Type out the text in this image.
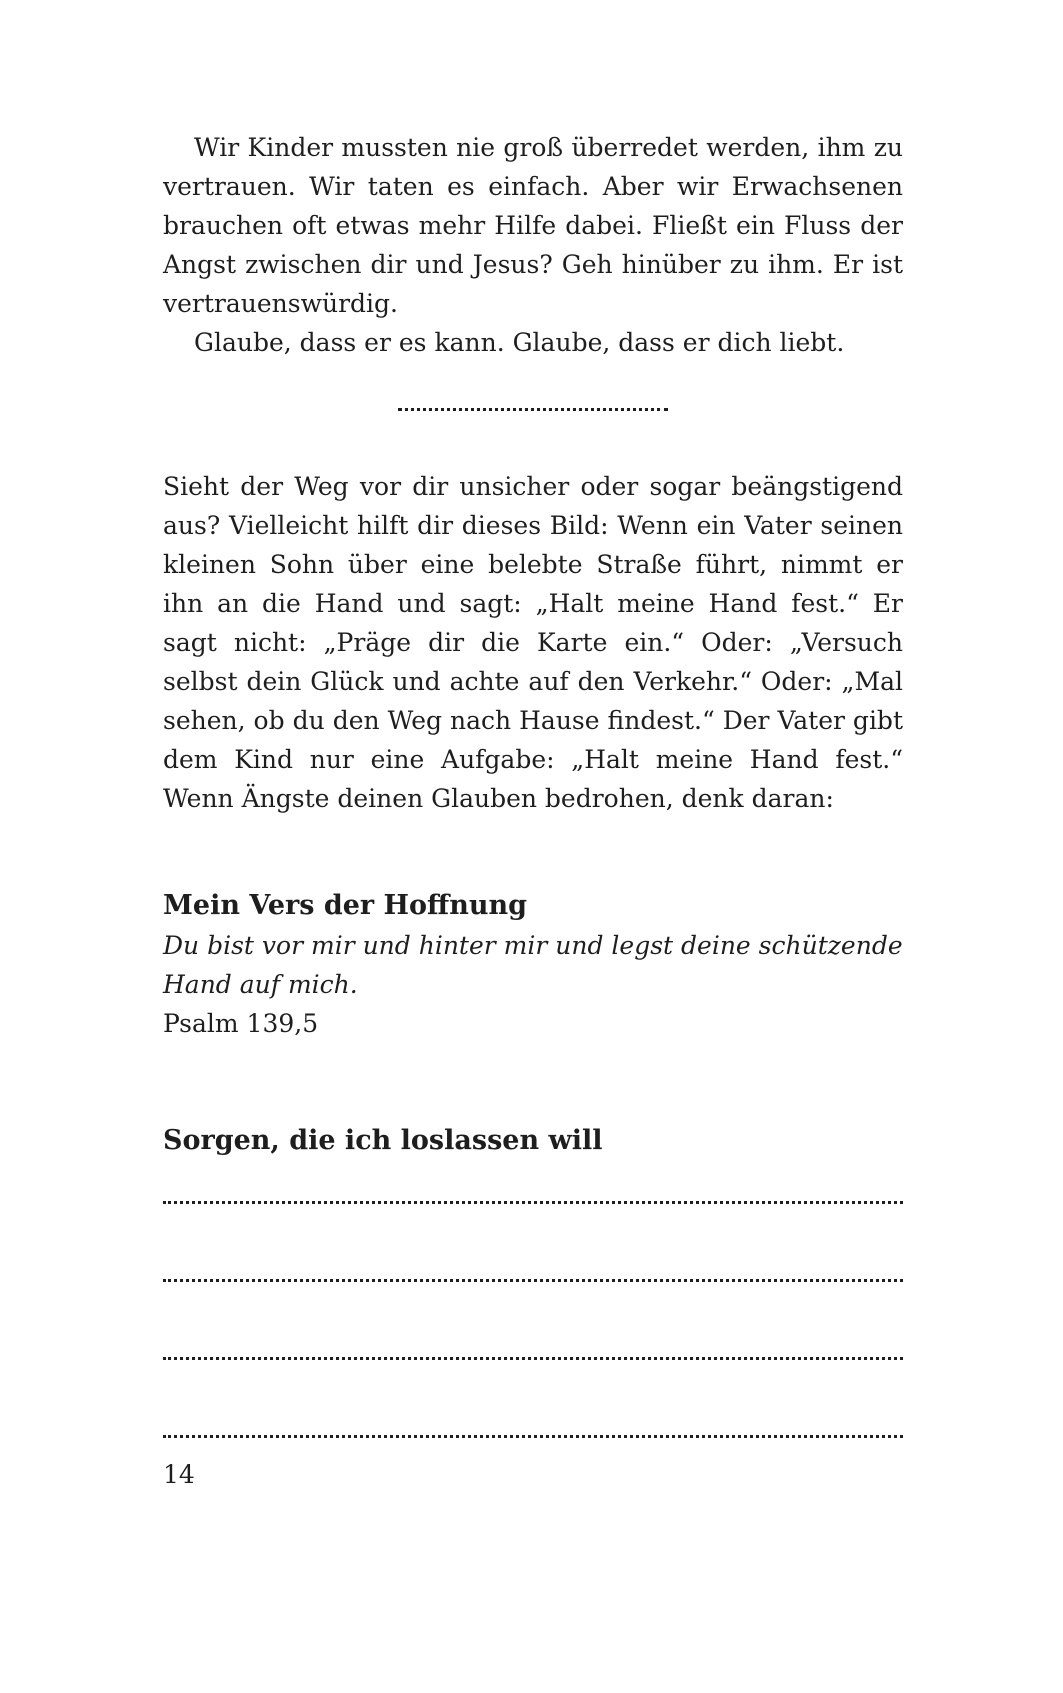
Wir Kinder mussten nie groß überredet werden, ihm zu vertrauen. Wir taten es einfach. Aber wir Erwachsenen brauchen oft etwas mehr Hilfe dabei. Fließt ein Fluss der Angst zwischen dir und Jesus? Geh hinüber zu ihm. Er ist vertrauenswürdig.

Glaube, dass er es kann. Glaube, dass er dich liebt.

Sieht der Weg vor dir unsicher oder sogar beängstigend aus? Vielleicht hilft dir dieses Bild: Wenn ein Vater seinen kleinen Sohn über eine belebte Straße führt, nimmt er ihn an die Hand und sagt: „Halt meine Hand fest.“ Er sagt nicht: „Präge dir die Karte ein.“ Oder: „Versuch selbst dein Glück und achte auf den Verkehr.“ Oder: „Mal sehen, ob du den Weg nach Hause findest.“ Der Vater gibt dem Kind nur eine Aufgabe: „Halt meine Hand fest.“ Wenn Ängste deinen Glauben bedrohen, denk daran:

Mein Vers der Hoffnung

Du bist vor mir und hinter mir und legst deine schützende Hand auf mich.

Psalm 139,5

Sorgen, die ich loslassen will
14
